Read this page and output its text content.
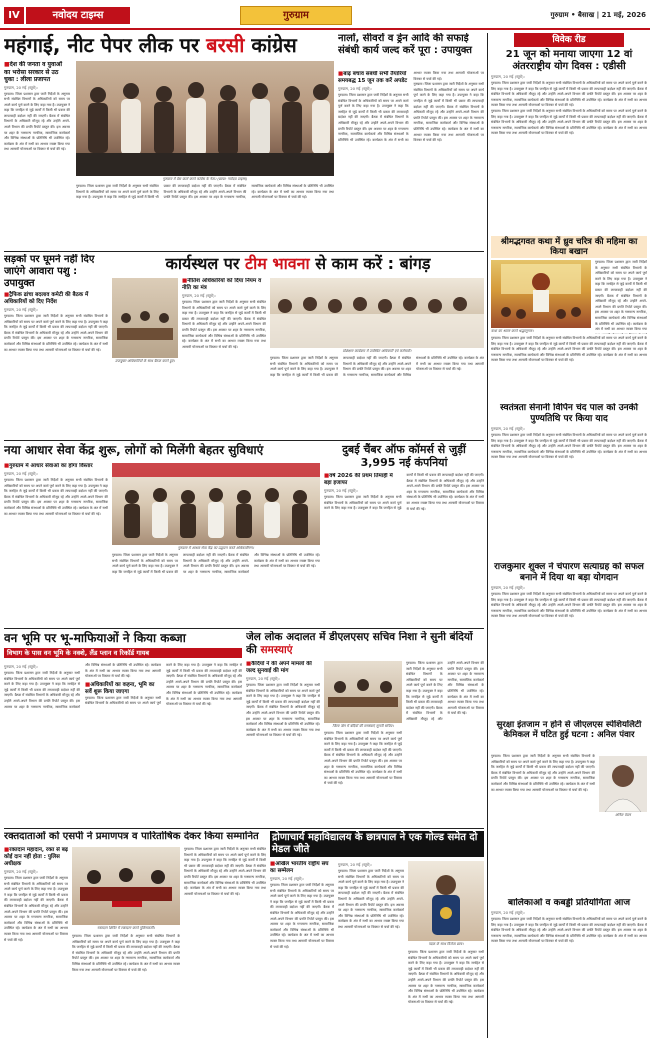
IV	नवोदय टाइम्स	गुरुग्राम	गुरुग्राम • बैसाख | 21 मई, 2026
महंगाई, नीट पेपर लीक पर बरसी कांग्रेस
■ देश की जनता व युवाओं का भरोसा सरकार से उठ चुका : लीला प्रजापत
गुरुग्राम, 20 मई (ब्यूरो):
गुरुग्राम। जिला प्रशासन द्वारा जारी निर्देशों के अनुसार सभी संबंधित विभागों के अधिकारियों को समय पर अपने कार्य पूर्ण करने के लिए कहा गया है। उपायुक्त ने कहा कि जनहित से जुड़े कार्यों में किसी भी प्रकार की लापरवाही बर्दाश्त नहीं की जाएगी। बैठक में संबंधित विभागों के अधिकारी मौजूद रहे और उन्होंने अपने-अपने विभाग की प्रगति रिपोर्ट प्रस्तुत की। इस अवसर पर शहर के गणमान्य नागरिक, सामाजिक कार्यकर्ता और विभिन्न संस्थाओं के प्रतिनिधि भी उपस्थित रहे। कार्यक्रम के अंत में सभी का आभार व्यक्त किया गया तथा आगामी योजनाओं पर विस्तार से चर्चा की गई।
गुरुग्राम में प्रेस वार्ता करते कांग्रेस के नेता। (छाया: नवोदय टाइम्स)
गुरुग्राम। जिला प्रशासन द्वारा जारी निर्देशों के अनुसार सभी संबंधित विभागों के अधिकारियों को समय पर अपने कार्य पूर्ण करने के लिए कहा गया है। उपायुक्त ने कहा कि जनहित से जुड़े कार्यों में किसी भी प्रकार की लापरवाही बर्दाश्त नहीं की जाएगी। बैठक में संबंधित विभागों के अधिकारी मौजूद रहे और उन्होंने अपने-अपने विभाग की प्रगति रिपोर्ट प्रस्तुत की। इस अवसर पर शहर के गणमान्य नागरिक, सामाजिक कार्यकर्ता और विभिन्न संस्थाओं के प्रतिनिधि भी उपस्थित रहे। कार्यक्रम के अंत में सभी का आभार व्यक्त किया गया तथा आगामी योजनाओं पर विस्तार से चर्चा की गई।
नालों, सीवरों व ड्रेन आदि की सफाई संबंधी कार्य जल्द करें पूरा : उपायुक्त
■ बाढ़ बचाव संबंधी सभी तैयारियों समयबद्ध 15 जून तक करें अपडेट
गुरुग्राम, 20 मई (ब्यूरो):
गुरुग्राम। जिला प्रशासन द्वारा जारी निर्देशों के अनुसार सभी संबंधित विभागों के अधिकारियों को समय पर अपने कार्य पूर्ण करने के लिए कहा गया है। उपायुक्त ने कहा कि जनहित से जुड़े कार्यों में किसी भी प्रकार की लापरवाही बर्दाश्त नहीं की जाएगी। बैठक में संबंधित विभागों के अधिकारी मौजूद रहे और उन्होंने अपने-अपने विभाग की प्रगति रिपोर्ट प्रस्तुत की। इस अवसर पर शहर के गणमान्य नागरिक, सामाजिक कार्यकर्ता और विभिन्न संस्थाओं के प्रतिनिधि भी उपस्थित रहे। कार्यक्रम के अंत में सभी का आभार व्यक्त किया गया तथा आगामी योजनाओं पर विस्तार से चर्चा की गई।
गुरुग्राम। जिला प्रशासन द्वारा जारी निर्देशों के अनुसार सभी संबंधित विभागों के अधिकारियों को समय पर अपने कार्य पूर्ण करने के लिए कहा गया है। उपायुक्त ने कहा कि जनहित से जुड़े कार्यों में किसी भी प्रकार की लापरवाही बर्दाश्त नहीं की जाएगी। बैठक में संबंधित विभागों के अधिकारी मौजूद रहे और उन्होंने अपने-अपने विभाग की प्रगति रिपोर्ट प्रस्तुत की। इस अवसर पर शहर के गणमान्य नागरिक, सामाजिक कार्यकर्ता और विभिन्न संस्थाओं के प्रतिनिधि भी उपस्थित रहे। कार्यक्रम के अंत में सभी का आभार व्यक्त किया गया तथा आगामी योजनाओं पर विस्तार से चर्चा की गई।
विवेक रीड
21 जून को मनाया जाएगा 12 वां अंतरराष्ट्रीय योग दिवस : एडीसी
गुरुग्राम, 20 मई (ब्यूरो):
गुरुग्राम। जिला प्रशासन द्वारा जारी निर्देशों के अनुसार सभी संबंधित विभागों के अधिकारियों को समय पर अपने कार्य पूर्ण करने के लिए कहा गया है। उपायुक्त ने कहा कि जनहित से जुड़े कार्यों में किसी भी प्रकार की लापरवाही बर्दाश्त नहीं की जाएगी। बैठक में संबंधित विभागों के अधिकारी मौजूद रहे और उन्होंने अपने-अपने विभाग की प्रगति रिपोर्ट प्रस्तुत की। इस अवसर पर शहर के गणमान्य नागरिक, सामाजिक कार्यकर्ता और विभिन्न संस्थाओं के प्रतिनिधि भी उपस्थित रहे। कार्यक्रम के अंत में सभी का आभार व्यक्त किया गया तथा आगामी योजनाओं पर विस्तार से चर्चा की गई।
गुरुग्राम। जिला प्रशासन द्वारा जारी निर्देशों के अनुसार सभी संबंधित विभागों के अधिकारियों को समय पर अपने कार्य पूर्ण करने के लिए कहा गया है। उपायुक्त ने कहा कि जनहित से जुड़े कार्यों में किसी भी प्रकार की लापरवाही बर्दाश्त नहीं की जाएगी। बैठक में संबंधित विभागों के अधिकारी मौजूद रहे और उन्होंने अपने-अपने विभाग की प्रगति रिपोर्ट प्रस्तुत की। इस अवसर पर शहर के गणमान्य नागरिक, सामाजिक कार्यकर्ता और विभिन्न संस्थाओं के प्रतिनिधि भी उपस्थित रहे। कार्यक्रम के अंत में सभी का आभार व्यक्त किया गया तथा आगामी योजनाओं पर विस्तार से चर्चा की गई।
श्रीमद्भगवत कथा में ध्रुव चरित्र की महिमा का किया बखान
कथा का श्रवण करते श्रद्धालुगण।
गुरुग्राम। जिला प्रशासन द्वारा जारी निर्देशों के अनुसार सभी संबंधित विभागों के अधिकारियों को समय पर अपने कार्य पूर्ण करने के लिए कहा गया है। उपायुक्त ने कहा कि जनहित से जुड़े कार्यों में किसी भी प्रकार की लापरवाही बर्दाश्त नहीं की जाएगी। बैठक में संबंधित विभागों के अधिकारी मौजूद रहे और उन्होंने अपने-अपने विभाग की प्रगति रिपोर्ट प्रस्तुत की। इस अवसर पर शहर के गणमान्य नागरिक, सामाजिक कार्यकर्ता और विभिन्न संस्थाओं के प्रतिनिधि भी उपस्थित रहे। कार्यक्रम के अंत में सभी का आभार व्यक्त किया गया
गुरुग्राम। जिला प्रशासन द्वारा जारी निर्देशों के अनुसार सभी संबंधित विभागों के अधिकारियों को समय पर अपने कार्य पूर्ण करने के लिए कहा गया है। उपायुक्त ने कहा कि जनहित से जुड़े कार्यों में किसी भी प्रकार की लापरवाही बर्दाश्त नहीं की जाएगी। बैठक में संबंधित विभागों के अधिकारी मौजूद रहे और उन्होंने अपने-अपने विभाग की प्रगति रिपोर्ट प्रस्तुत की। इस अवसर पर शहर के गणमान्य नागरिक, सामाजिक कार्यकर्ता और विभिन्न संस्थाओं के प्रतिनिधि भी उपस्थित रहे। कार्यक्रम के अंत में सभी का आभार व्यक्त किया गया तथा आगामी योजनाओं पर विस्तार से चर्चा की गई।
स्वतंत्रता सेनानी विपिन चंद पाल को उनकी पुण्यतिथि पर किया याद
गुरुग्राम, 20 मई (ब्यूरो):
गुरुग्राम। जिला प्रशासन द्वारा जारी निर्देशों के अनुसार सभी संबंधित विभागों के अधिकारियों को समय पर अपने कार्य पूर्ण करने के लिए कहा गया है। उपायुक्त ने कहा कि जनहित से जुड़े कार्यों में किसी भी प्रकार की लापरवाही बर्दाश्त नहीं की जाएगी। बैठक में संबंधित विभागों के अधिकारी मौजूद रहे और उन्होंने अपने-अपने विभाग की प्रगति रिपोर्ट प्रस्तुत की। इस अवसर पर शहर के गणमान्य नागरिक, सामाजिक कार्यकर्ता और विभिन्न संस्थाओं के प्रतिनिधि भी उपस्थित रहे। कार्यक्रम के अंत में सभी का आभार व्यक्त किया गया तथा आगामी योजनाओं पर विस्तार से चर्चा की गई।
राजकुमार शुक्ल ने चंपारण सत्याग्रह को सफल बनाने में दिया था बड़ा योगदान
गुरुग्राम, 20 मई (ब्यूरो):
गुरुग्राम। जिला प्रशासन द्वारा जारी निर्देशों के अनुसार सभी संबंधित विभागों के अधिकारियों को समय पर अपने कार्य पूर्ण करने के लिए कहा गया है। उपायुक्त ने कहा कि जनहित से जुड़े कार्यों में किसी भी प्रकार की लापरवाही बर्दाश्त नहीं की जाएगी। बैठक में संबंधित विभागों के अधिकारी मौजूद रहे और उन्होंने अपने-अपने विभाग की प्रगति रिपोर्ट प्रस्तुत की। इस अवसर पर शहर के गणमान्य नागरिक, सामाजिक कार्यकर्ता और विभिन्न संस्थाओं के प्रतिनिधि भी उपस्थित रहे। कार्यक्रम के अंत में सभी का आभार व्यक्त किया गया तथा आगामी योजनाओं पर विस्तार से चर्चा की गई।
सुरक्षा इंतजाम न होने से जीएलएस स्पेशियलिटी केमिकल में घटित हुई घटना : अनिल पंवार
गुरुग्राम। जिला प्रशासन द्वारा जारी निर्देशों के अनुसार सभी संबंधित विभागों के अधिकारियों को समय पर अपने कार्य पूर्ण करने के लिए कहा गया है। उपायुक्त ने कहा कि जनहित से जुड़े कार्यों में किसी भी प्रकार की लापरवाही बर्दाश्त नहीं की जाएगी। बैठक में संबंधित विभागों के अधिकारी मौजूद रहे और उन्होंने अपने-अपने विभाग की प्रगति रिपोर्ट प्रस्तुत की। इस अवसर पर शहर के गणमान्य नागरिक, सामाजिक कार्यकर्ता और विभिन्न संस्थाओं के प्रतिनिधि भी उपस्थित रहे। कार्यक्रम के अंत में सभी का आभार व्यक्त किया गया तथा आगामी योजनाओं पर विस्तार से चर्चा की गई।
अनिल पंवार
बालिकाओं व कबड्डी प्रतियोगिता आज
गुरुग्राम, 20 मई (ब्यूरो):
गुरुग्राम। जिला प्रशासन द्वारा जारी निर्देशों के अनुसार सभी संबंधित विभागों के अधिकारियों को समय पर अपने कार्य पूर्ण करने के लिए कहा गया है। उपायुक्त ने कहा कि जनहित से जुड़े कार्यों में किसी भी प्रकार की लापरवाही बर्दाश्त नहीं की जाएगी। बैठक में संबंधित विभागों के अधिकारी मौजूद रहे और उन्होंने अपने-अपने विभाग की प्रगति रिपोर्ट प्रस्तुत की। इस अवसर पर शहर के गणमान्य नागरिक, सामाजिक कार्यकर्ता और विभिन्न संस्थाओं के प्रतिनिधि भी उपस्थित रहे। कार्यक्रम के अंत में सभी का आभार व्यक्त किया गया तथा आगामी योजनाओं पर विस्तार से चर्चा की गई।
सड़कों पर घूमने नहीं दिए जाएंगे आवारा पशु : उपायुक्त
■ ट्रैफिक ढांचा बदलाव कमेटी की बैठक में अधिकारियों को दिए निर्देश
गुरुग्राम, 20 मई (ब्यूरो):
गुरुग्राम। जिला प्रशासन द्वारा जारी निर्देशों के अनुसार सभी संबंधित विभागों के अधिकारियों को समय पर अपने कार्य पूर्ण करने के लिए कहा गया है। उपायुक्त ने कहा कि जनहित से जुड़े कार्यों में किसी भी प्रकार की लापरवाही बर्दाश्त नहीं की जाएगी। बैठक में संबंधित विभागों के अधिकारी मौजूद रहे और उन्होंने अपने-अपने विभाग की प्रगति रिपोर्ट प्रस्तुत की। इस अवसर पर शहर के गणमान्य नागरिक, सामाजिक कार्यकर्ता और विभिन्न संस्थाओं के प्रतिनिधि भी उपस्थित रहे। कार्यक्रम के अंत में सभी का आभार व्यक्त किया गया तथा आगामी योजनाओं पर विस्तार से चर्चा की गई।
कार्यस्थल पर टीम भावना से काम करें : बांगड़
उपायुक्त अधिकारियों के साथ बैठक करते हुए।
■ नीतिश अधिकारियों को दिया नियम व नीति का मंत्र
गुरुग्राम, 20 मई (ब्यूरो):
गुरुग्राम। जिला प्रशासन द्वारा जारी निर्देशों के अनुसार सभी संबंधित विभागों के अधिकारियों को समय पर अपने कार्य पूर्ण करने के लिए कहा गया है। उपायुक्त ने कहा कि जनहित से जुड़े कार्यों में किसी भी प्रकार की लापरवाही बर्दाश्त नहीं की जाएगी। बैठक में संबंधित विभागों के अधिकारी मौजूद रहे और उन्होंने अपने-अपने विभाग की प्रगति रिपोर्ट प्रस्तुत की। इस अवसर पर शहर के गणमान्य नागरिक, सामाजिक कार्यकर्ता और विभिन्न संस्थाओं के प्रतिनिधि भी उपस्थित रहे। कार्यक्रम के अंत में सभी का आभार व्यक्त किया गया तथा आगामी योजनाओं पर विस्तार से चर्चा की गई।
प्रशिक्षण कार्यक्रम में उपस्थित अधिकारी एवं कर्मचारी।
गुरुग्राम। जिला प्रशासन द्वारा जारी निर्देशों के अनुसार सभी संबंधित विभागों के अधिकारियों को समय पर अपने कार्य पूर्ण करने के लिए कहा गया है। उपायुक्त ने कहा कि जनहित से जुड़े कार्यों में किसी भी प्रकार की लापरवाही बर्दाश्त नहीं की जाएगी। बैठक में संबंधित विभागों के अधिकारी मौजूद रहे और उन्होंने अपने-अपने विभाग की प्रगति रिपोर्ट प्रस्तुत की। इस अवसर पर शहर के गणमान्य नागरिक, सामाजिक कार्यकर्ता और विभिन्न संस्थाओं के प्रतिनिधि भी उपस्थित रहे। कार्यक्रम के अंत में सभी का आभार व्यक्त किया गया तथा आगामी योजनाओं पर विस्तार से चर्चा की गई।
नया आधार सेवा केंद्र शुरू, लोगों को मिलेंगी बेहतर सुविधाएं
■ गुरुग्राम में आधार सेवाओं का होगा विस्तार
गुरुग्राम, 20 मई (ब्यूरो):
गुरुग्राम। जिला प्रशासन द्वारा जारी निर्देशों के अनुसार सभी संबंधित विभागों के अधिकारियों को समय पर अपने कार्य पूर्ण करने के लिए कहा गया है। उपायुक्त ने कहा कि जनहित से जुड़े कार्यों में किसी भी प्रकार की लापरवाही बर्दाश्त नहीं की जाएगी। बैठक में संबंधित विभागों के अधिकारी मौजूद रहे और उन्होंने अपने-अपने विभाग की प्रगति रिपोर्ट प्रस्तुत की। इस अवसर पर शहर के गणमान्य नागरिक, सामाजिक कार्यकर्ता और विभिन्न संस्थाओं के प्रतिनिधि भी उपस्थित रहे। कार्यक्रम के अंत में सभी का आभार व्यक्त किया गया तथा आगामी योजनाओं पर विस्तार से चर्चा की गई।
गुरुग्राम में आधार सेवा केंद्र का उद्घाटन करते अधिकारीगण।
गुरुग्राम। जिला प्रशासन द्वारा जारी निर्देशों के अनुसार सभी संबंधित विभागों के अधिकारियों को समय पर अपने कार्य पूर्ण करने के लिए कहा गया है। उपायुक्त ने कहा कि जनहित से जुड़े कार्यों में किसी भी प्रकार की लापरवाही बर्दाश्त नहीं की जाएगी। बैठक में संबंधित विभागों के अधिकारी मौजूद रहे और उन्होंने अपने-अपने विभाग की प्रगति रिपोर्ट प्रस्तुत की। इस अवसर पर शहर के गणमान्य नागरिक, सामाजिक कार्यकर्ता और विभिन्न संस्थाओं के प्रतिनिधि भी उपस्थित रहे। कार्यक्रम के अंत में सभी का आभार व्यक्त किया गया तथा आगामी योजनाओं पर विस्तार से चर्चा की गई।
दुबई चैंबर ऑफ कॉमर्स से जुड़ीं 3,995 नई कंपनियां
■ वर्ष 2026 की प्रथम तिमाही में बड़ा इजाफा
गुरुग्राम, 20 मई (ब्यूरो):
गुरुग्राम। जिला प्रशासन द्वारा जारी निर्देशों के अनुसार सभी संबंधित विभागों के अधिकारियों को समय पर अपने कार्य पूर्ण करने के लिए कहा गया है। उपायुक्त ने कहा कि जनहित से जुड़े कार्यों में किसी भी प्रकार की लापरवाही बर्दाश्त नहीं की जाएगी। बैठक में संबंधित विभागों के अधिकारी मौजूद रहे और उन्होंने अपने-अपने विभाग की प्रगति रिपोर्ट प्रस्तुत की। इस अवसर पर शहर के गणमान्य नागरिक, सामाजिक कार्यकर्ता और विभिन्न संस्थाओं के प्रतिनिधि भी उपस्थित रहे। कार्यक्रम के अंत में सभी का आभार व्यक्त किया गया तथा आगामी योजनाओं पर विस्तार से चर्चा की गई।
वन भूमि पर भू-माफियाओं ने किया कब्जा
विभाग के पास वन भूमि के नक्शे, लैंड प्लान व रिकॉर्ड गायब
गुरुग्राम, 20 मई (ब्यूरो):
गुरुग्राम। जिला प्रशासन द्वारा जारी निर्देशों के अनुसार सभी संबंधित विभागों के अधिकारियों को समय पर अपने कार्य पूर्ण करने के लिए कहा गया है। उपायुक्त ने कहा कि जनहित से जुड़े कार्यों में किसी भी प्रकार की लापरवाही बर्दाश्त नहीं की जाएगी। बैठक में संबंधित विभागों के अधिकारी मौजूद रहे और उन्होंने अपने-अपने विभाग की प्रगति रिपोर्ट प्रस्तुत की। इस अवसर पर शहर के गणमान्य नागरिक, सामाजिक कार्यकर्ता और विभिन्न संस्थाओं के प्रतिनिधि भी उपस्थित रहे। कार्यक्रम के अंत में सभी का आभार व्यक्त किया गया तथा आगामी योजनाओं पर विस्तार से चर्चा की गई।
■ अधिकारियों का कहना, भूमि का सर्वे शुरू किया जाएगा
गुरुग्राम। जिला प्रशासन द्वारा जारी निर्देशों के अनुसार सभी संबंधित विभागों के अधिकारियों को समय पर अपने कार्य पूर्ण करने के लिए कहा गया है। उपायुक्त ने कहा कि जनहित से जुड़े कार्यों में किसी भी प्रकार की लापरवाही बर्दाश्त नहीं की जाएगी। बैठक में संबंधित विभागों के अधिकारी मौजूद रहे और उन्होंने अपने-अपने विभाग की प्रगति रिपोर्ट प्रस्तुत की। इस अवसर पर शहर के गणमान्य नागरिक, सामाजिक कार्यकर्ता और विभिन्न संस्थाओं के प्रतिनिधि भी उपस्थित रहे। कार्यक्रम के अंत में सभी का आभार व्यक्त किया गया तथा आगामी योजनाओं पर विस्तार से चर्चा की गई।
जेल लोक अदालत में डीएलएसए सचिव निशा ने सुनी बंदियों की समस्याएं
■ कैदियों ने की अपने मामलों की जल्द सुनवाई की मांग
गुरुग्राम, 20 मई (ब्यूरो):
गुरुग्राम। जिला प्रशासन द्वारा जारी निर्देशों के अनुसार सभी संबंधित विभागों के अधिकारियों को समय पर अपने कार्य पूर्ण करने के लिए कहा गया है। उपायुक्त ने कहा कि जनहित से जुड़े कार्यों में किसी भी प्रकार की लापरवाही बर्दाश्त नहीं की जाएगी। बैठक में संबंधित विभागों के अधिकारी मौजूद रहे और उन्होंने अपने-अपने विभाग की प्रगति रिपोर्ट प्रस्तुत की। इस अवसर पर शहर के गणमान्य नागरिक, सामाजिक कार्यकर्ता और विभिन्न संस्थाओं के प्रतिनिधि भी उपस्थित रहे। कार्यक्रम के अंत में सभी का आभार व्यक्त किया गया तथा आगामी योजनाओं पर विस्तार से चर्चा की गई।
जिला जेल में बंदियों की समस्याएं सुनती सचिव।
गुरुग्राम। जिला प्रशासन द्वारा जारी निर्देशों के अनुसार सभी संबंधित विभागों के अधिकारियों को समय पर अपने कार्य पूर्ण करने के लिए कहा गया है। उपायुक्त ने कहा कि जनहित से जुड़े कार्यों में किसी भी प्रकार की लापरवाही बर्दाश्त नहीं की जाएगी। बैठक में संबंधित विभागों के अधिकारी मौजूद रहे और उन्होंने अपने-अपने विभाग की प्रगति रिपोर्ट प्रस्तुत की। इस अवसर पर शहर के गणमान्य नागरिक, सामाजिक कार्यकर्ता और विभिन्न संस्थाओं के प्रतिनिधि भी उपस्थित रहे। कार्यक्रम के अंत में सभी का आभार व्यक्त किया गया तथा आगामी योजनाओं पर विस्तार से चर्चा की गई।
गुरुग्राम। जिला प्रशासन द्वारा जारी निर्देशों के अनुसार सभी संबंधित विभागों के अधिकारियों को समय पर अपने कार्य पूर्ण करने के लिए कहा गया है। उपायुक्त ने कहा कि जनहित से जुड़े कार्यों में किसी भी प्रकार की लापरवाही बर्दाश्त नहीं की जाएगी। बैठक में संबंधित विभागों के अधिकारी मौजूद रहे और उन्होंने अपने-अपने विभाग की प्रगति रिपोर्ट प्रस्तुत की। इस अवसर पर शहर के गणमान्य नागरिक, सामाजिक कार्यकर्ता और विभिन्न संस्थाओं के प्रतिनिधि भी उपस्थित रहे। कार्यक्रम के अंत में सभी का आभार व्यक्त किया गया तथा आगामी योजनाओं पर विस्तार से चर्चा की गई।
रक्तदाताओं को एसपी ने प्रमाणपत्र व पारितोषिक देकर किया सम्मानित
■ रक्तदान महादान, रक्त से बढ़ कोई दान नहीं होता : पुलिस अधीक्षक
गुरुग्राम, 20 मई (ब्यूरो):
गुरुग्राम। जिला प्रशासन द्वारा जारी निर्देशों के अनुसार सभी संबंधित विभागों के अधिकारियों को समय पर अपने कार्य पूर्ण करने के लिए कहा गया है। उपायुक्त ने कहा कि जनहित से जुड़े कार्यों में किसी भी प्रकार की लापरवाही बर्दाश्त नहीं की जाएगी। बैठक में संबंधित विभागों के अधिकारी मौजूद रहे और उन्होंने अपने-अपने विभाग की प्रगति रिपोर्ट प्रस्तुत की। इस अवसर पर शहर के गणमान्य नागरिक, सामाजिक कार्यकर्ता और विभिन्न संस्थाओं के प्रतिनिधि भी उपस्थित रहे। कार्यक्रम के अंत में सभी का आभार व्यक्त किया गया तथा आगामी योजनाओं पर विस्तार से चर्चा की गई।
रक्तदान शिविर में रक्तदान करते पुलिसकर्मी।
गुरुग्राम। जिला प्रशासन द्वारा जारी निर्देशों के अनुसार सभी संबंधित विभागों के अधिकारियों को समय पर अपने कार्य पूर्ण करने के लिए कहा गया है। उपायुक्त ने कहा कि जनहित से जुड़े कार्यों में किसी भी प्रकार की लापरवाही बर्दाश्त नहीं की जाएगी। बैठक में संबंधित विभागों के अधिकारी मौजूद रहे और उन्होंने अपने-अपने विभाग की प्रगति रिपोर्ट प्रस्तुत की। इस अवसर पर शहर के गणमान्य नागरिक, सामाजिक कार्यकर्ता और विभिन्न संस्थाओं के प्रतिनिधि भी उपस्थित रहे। कार्यक्रम के अंत में सभी का आभार व्यक्त किया गया तथा आगामी योजनाओं पर विस्तार से चर्चा की गई।
गुरुग्राम। जिला प्रशासन द्वारा जारी निर्देशों के अनुसार सभी संबंधित विभागों के अधिकारियों को समय पर अपने कार्य पूर्ण करने के लिए कहा गया है। उपायुक्त ने कहा कि जनहित से जुड़े कार्यों में किसी भी प्रकार की लापरवाही बर्दाश्त नहीं की जाएगी। बैठक में संबंधित विभागों के अधिकारी मौजूद रहे और उन्होंने अपने-अपने विभाग की प्रगति रिपोर्ट प्रस्तुत की। इस अवसर पर शहर के गणमान्य नागरिक, सामाजिक कार्यकर्ता और विभिन्न संस्थाओं के प्रतिनिधि भी उपस्थित रहे। कार्यक्रम के अंत में सभी का आभार व्यक्त किया गया तथा आगामी योजनाओं पर विस्तार से चर्चा की गई।
द्रोणाचार्य महाविद्यालय के छात्रपाल ने एक गोल्ड समेत दो मेडल जीते
■ अखिल भारतीय राष्ट्रीय संघ का सम्मेलन
गुरुग्राम, 20 मई (ब्यूरो):
गुरुग्राम। जिला प्रशासन द्वारा जारी निर्देशों के अनुसार सभी संबंधित विभागों के अधिकारियों को समय पर अपने कार्य पूर्ण करने के लिए कहा गया है। उपायुक्त ने कहा कि जनहित से जुड़े कार्यों में किसी भी प्रकार की लापरवाही बर्दाश्त नहीं की जाएगी। बैठक में संबंधित विभागों के अधिकारी मौजूद रहे और उन्होंने अपने-अपने विभाग की प्रगति रिपोर्ट प्रस्तुत की। इस अवसर पर शहर के गणमान्य नागरिक, सामाजिक कार्यकर्ता और विभिन्न संस्थाओं के प्रतिनिधि भी उपस्थित रहे। कार्यक्रम के अंत में सभी का आभार व्यक्त किया गया तथा आगामी योजनाओं पर विस्तार से चर्चा की गई।
गुरुग्राम, 20 मई (ब्यूरो):
गुरुग्राम। जिला प्रशासन द्वारा जारी निर्देशों के अनुसार सभी संबंधित विभागों के अधिकारियों को समय पर अपने कार्य पूर्ण करने के लिए कहा गया है। उपायुक्त ने कहा कि जनहित से जुड़े कार्यों में किसी भी प्रकार की लापरवाही बर्दाश्त नहीं की जाएगी। बैठक में संबंधित विभागों के अधिकारी मौजूद रहे और उन्होंने अपने-अपने विभाग की प्रगति रिपोर्ट प्रस्तुत की। इस अवसर पर शहर के गणमान्य नागरिक, सामाजिक कार्यकर्ता और विभिन्न संस्थाओं के प्रतिनिधि भी उपस्थित रहे। कार्यक्रम के अंत में सभी का आभार व्यक्त किया गया तथा आगामी योजनाओं पर विस्तार से चर्चा की गई।
पदक के साथ विजेता छात्र।
गुरुग्राम। जिला प्रशासन द्वारा जारी निर्देशों के अनुसार सभी संबंधित विभागों के अधिकारियों को समय पर अपने कार्य पूर्ण करने के लिए कहा गया है। उपायुक्त ने कहा कि जनहित से जुड़े कार्यों में किसी भी प्रकार की लापरवाही बर्दाश्त नहीं की जाएगी। बैठक में संबंधित विभागों के अधिकारी मौजूद रहे और उन्होंने अपने-अपने विभाग की प्रगति रिपोर्ट प्रस्तुत की। इस अवसर पर शहर के गणमान्य नागरिक, सामाजिक कार्यकर्ता और विभिन्न संस्थाओं के प्रतिनिधि भी उपस्थित रहे। कार्यक्रम के अंत में सभी का आभार व्यक्त किया गया तथा आगामी योजनाओं पर विस्तार से चर्चा की गई।
